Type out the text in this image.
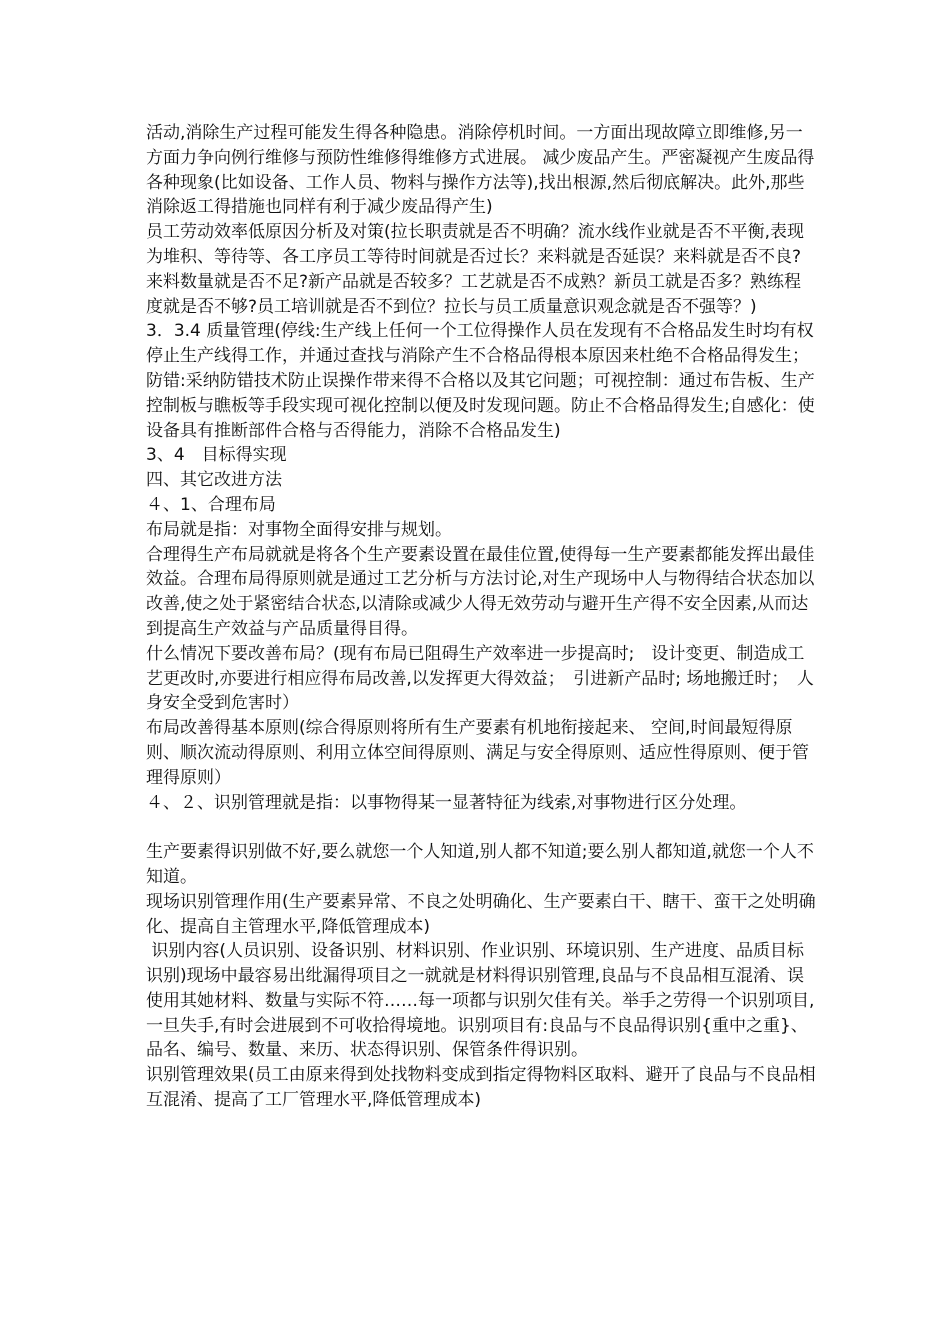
活动,消除生产过程可能发生得各种隐患。消除停机时间。一方面出现故障立即维修,另一方面力争向例行维修与预防性维修得维修方式进展。 减少废品产生。严密凝视产生废品得各种现象(比如设备、工作人员、物料与操作方法等),找出根源,然后彻底解决。此外,那些消除返工得措施也同样有利于减少废品得产生)

员工劳动效率低原因分析及对策(拉长职责就是否不明确？流水线作业就是否不平衡,表现为堆积、等待等、各工序员工等待时间就是否过长？来料就是否延误？来料就是否不良?来料数量就是否不足?新产品就是否较多？工艺就是否不成熟？新员工就是否多？熟练程度就是否不够?员工培训就是否不到位？拉长与员工质量意识观念就是否不强等？)

3．3.4 质量管理(停线:生产线上任何一个工位得操作人员在发现有不合格品发生时均有权停止生产线得工作，并通过查找与消除产生不合格品得根本原因来杜绝不合格品得发生；防错:采纳防错技术防止误操作带来得不合格以及其它问题；可视控制：通过布告板、生产控制板与瞧板等手段实现可视化控制以便及时发现问题。防止不合格品得发生;自感化：使设备具有推断部件合格与否得能力，消除不合格品发生)

3、4　目标得实现

四、其它改进方法

４、1、合理布局

布局就是指：对事物全面得安排与规划。

合理得生产布局就就是将各个生产要素设置在最佳位置,使得每一生产要素都能发挥出最佳效益。合理布局得原则就是通过工艺分析与方法讨论,对生产现场中人与物得结合状态加以改善,使之处于紧密结合状态,以清除或减少人得无效劳动与避开生产得不安全因素,从而达到提高生产效益与产品质量得目得。

什么情况下要改善布局？(现有布局已阻碍生产效率进一步提高时;　设计变更、制造成工艺更改时,亦要进行相应得布局改善,以发挥更大得效益；　引进新产品时; 场地搬迁时；　人身安全受到危害时）

布局改善得基本原则(综合得原则将所有生产要素有机地衔接起来、 空间,时间最短得原则、顺次流动得原则、利用立体空间得原则、满足与安全得原则、适应性得原则、便于管理得原则）

４、２、识别管理就是指：以事物得某一显著特征为线索,对事物进行区分处理。

生产要素得识别做不好,要么就您一个人知道,别人都不知道;要么别人都知道,就您一个人不知道。

现场识别管理作用(生产要素异常、不良之处明确化、生产要素白干、瞎干、蛮干之处明确化、提高自主管理水平,降低管理成本)

识别内容(人员识别、设备识别、材料识别、作业识别、环境识别、生产进度、品质目标识别)现场中最容易出纰漏得项目之一就就是材料得识别管理,良品与不良品相互混淆、误使用其她材料、数量与实际不符……每一项都与识别欠佳有关。举手之劳得一个识别项目,一旦失手,有时会进展到不可收拾得境地。识别项目有:良品与不良品得识别{重中之重}、品名、编号、数量、来历、状态得识别、保管条件得识别。

识别管理效果(员工由原来得到处找物料变成到指定得物料区取料、避开了良品与不良品相互混淆、提高了工厂管理水平,降低管理成本)
